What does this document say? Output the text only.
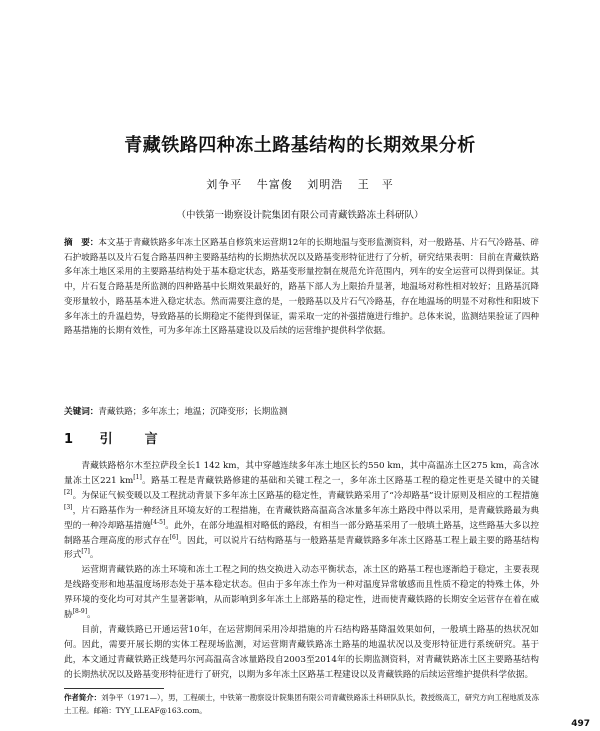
青藏铁路四种冻土路基结构的长期效果分析
刘争平 牛富俊 刘明浩 王　平
（中铁第一勘察设计院集团有限公司青藏铁路冻土科研队）
摘　要：本文基于青藏铁路多年冻土区路基自修筑来运营期12年的长期地温与变形监测资料，对一般路基、片石气冷路基、碎石护坡路基以及片石复合路基四种主要路基结构的长期热状况以及路基变形特征进行了分析，研究结果表明：目前在青藏铁路多年冻土地区采用的主要路基结构处于基本稳定状态，路基变形量控制在规范允许范围内，列车的安全运营可以得到保证。其中，片石复合路基是所监测的四种路基中长期效果最好的，路基下部人为上限抬升显著，地温场对称性相对较好；且路基沉降变形量较小，路基基本进入稳定状态。然而需要注意的是，一般路基以及片石气冷路基，存在地温场的明显不对称性和阳坡下多年冻土的升温趋势，导致路基的长期稳定不能得到保证，需采取一定的补强措施进行维护。总体来说，监测结果验证了四种路基措施的长期有效性，可为多年冻土区路基建设以及后续的运营维护提供科学依据。
关键词：青藏铁路；多年冻土；地温；沉降变形；长期监测
1 引 言

青藏铁路格尔木至拉萨段全长1 142 km，其中穿越连续多年冻土地区长约550 km，其中高温冻土区275 km，高含冰量冻土区221 km[1]。路基工程是青藏铁路修建的基础和关键工程之一，多年冻土区路基工程的稳定性更是关键中的关键[2]。为保证气候变暖以及工程扰动背景下多年冻土区路基的稳定性，青藏铁路采用了“冷却路基”设计原则及相应的工程措施[3]，片石路基作为一种经济且环境友好的工程措施，在青藏铁路高温高含冰量多年冻土路段中得以采用，是青藏铁路最为典型的一种冷却路基措施[4-5]。此外，在部分地温相对略低的路段，有相当一部分路基采用了一般填土路基，这些路基大多以控制路基合理高度的形式存在[6]。因此，可以说片石结构路基与一般路基是青藏铁路多年冻土区路基工程上最主要的路基结构形式[7]。

运营期青藏铁路的冻土环境和冻土工程之间的热交换进入动态平衡状态，冻土区的路基工程也逐渐趋于稳定，主要表现是线路变形和地基温度场形态处于基本稳定状态。但由于多年冻土作为一种对温度异常敏感而且性质不稳定的特殊土体，外界环境的变化均可对其产生显著影响，从而影响到多年冻土上部路基的稳定性，进而使青藏铁路的长期安全运营存在着在威胁[8-9]。

目前，青藏铁路已开通运营10年，在运营期间采用冷却措施的片石结构路基降温效果如何，一般填土路基的热状况如何。因此，需要开展长期的实体工程现场监测，对运营期青藏铁路冻土路基的地温状况以及变形特征进行系统研究。基于此，本文通过青藏铁路正线楚玛尔河高温高含冰量路段自2003至2014年的长期监测资料，对青藏铁路冻土区主要路基结构的长期热状况以及路基变形特征进行了研究，以期为多年冻土区路基工程建设以及青藏铁路的后续运营维护提供科学依据。

作者简介：刘争平（1971—），男，工程硕士，中铁第一勘察设计院集团有限公司青藏铁路冻土科研队队长，教授级高工，研究方向工程地质及冻土工程。邮箱：TYY_LLEAF@163.com。
497
